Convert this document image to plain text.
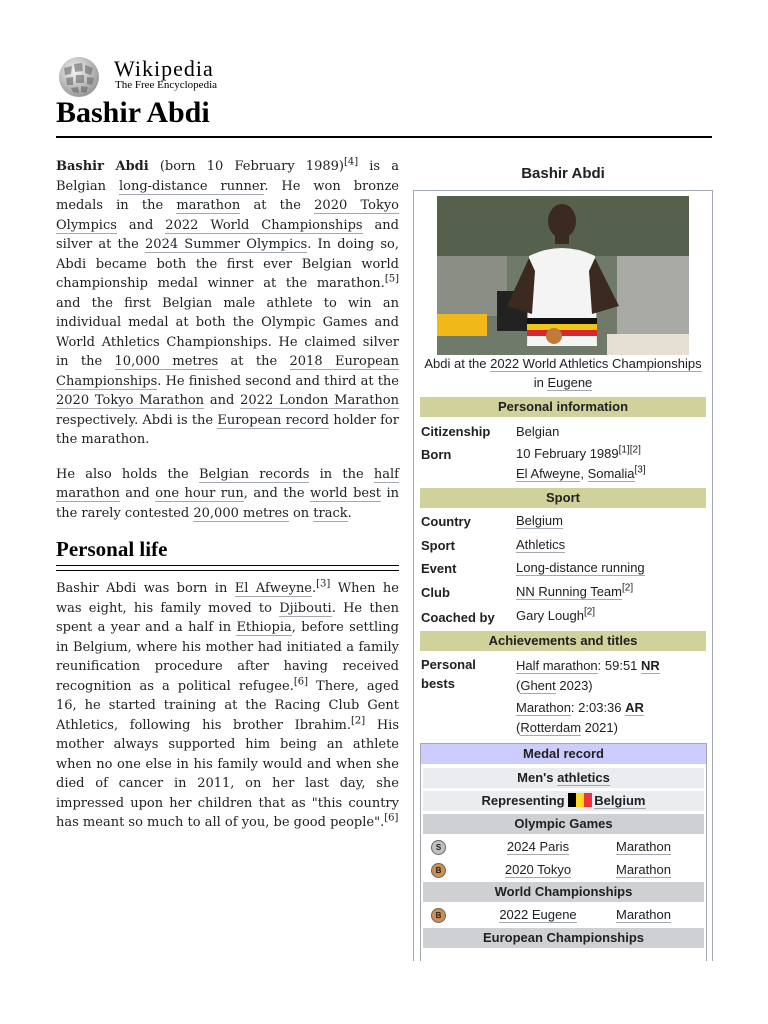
Wikipedia
The Free Encyclopedia
Bashir Abdi

Bashir Abdi (born 10 February 1989)[4] is a Belgian long-distance runner. He won bronze medals in the marathon at the 2020 Tokyo Olympics and 2022 World Championships and silver at the 2024 Summer Olympics. In doing so, Abdi became both the first ever Belgian world championship medal winner at the marathon.[5] and the first Belgian male athlete to win an individual medal at both the Olympic Games and World Athletics Championships. He claimed silver in the 10,000 metres at the 2018 European Championships. He finished second and third at the 2020 Tokyo Marathon and 2022 London Marathon respectively. Abdi is the European record holder for the marathon.

He also holds the Belgian records in the half marathon and one hour run, and the world best in the rarely contested 20,000 metres on track.

Personal life

Bashir Abdi was born in El Afweyne.[3] When he was eight, his family moved to Djibouti. He then spent a year and a half in Ethiopia, before settling in Belgium, where his mother had initiated a family reunification procedure after having received recognition as a political refugee.[6] There, aged 16, he started training at the Racing Club Gent Athletics, following his brother Ibrahim.[2] His mother always supported him being an athlete when no one else in his family would and when she died of cancer in 2011, on her last day, she impressed upon her children that as "this country has meant so much to all of you, be good people".[6]

Bashir Abdi
Abdi at the 2022 World Athletics Championships in Eugene
Personal information
Citizenship Belgian
Born	10 February 1989[1][2]
El Afweyne, Somalia[3]
Sport
Country	Belgium
Sport	Athletics
Event	Long-distance running
Club	NN Running Team[2]
Coached by Gary Lough[2]
Achievements and titles
Personal bests
Half marathon: 59:51 NR
(Ghent 2023)
Marathon: 2:03:36 AR
(Rotterdam 2021)
Medal record
Men's athletics
Representing Belgium
Olympic Games
S	2024 Paris	Marathon
B	2020 Tokyo	Marathon
World Championships
B	2022 Eugene	Marathon
European Championships
